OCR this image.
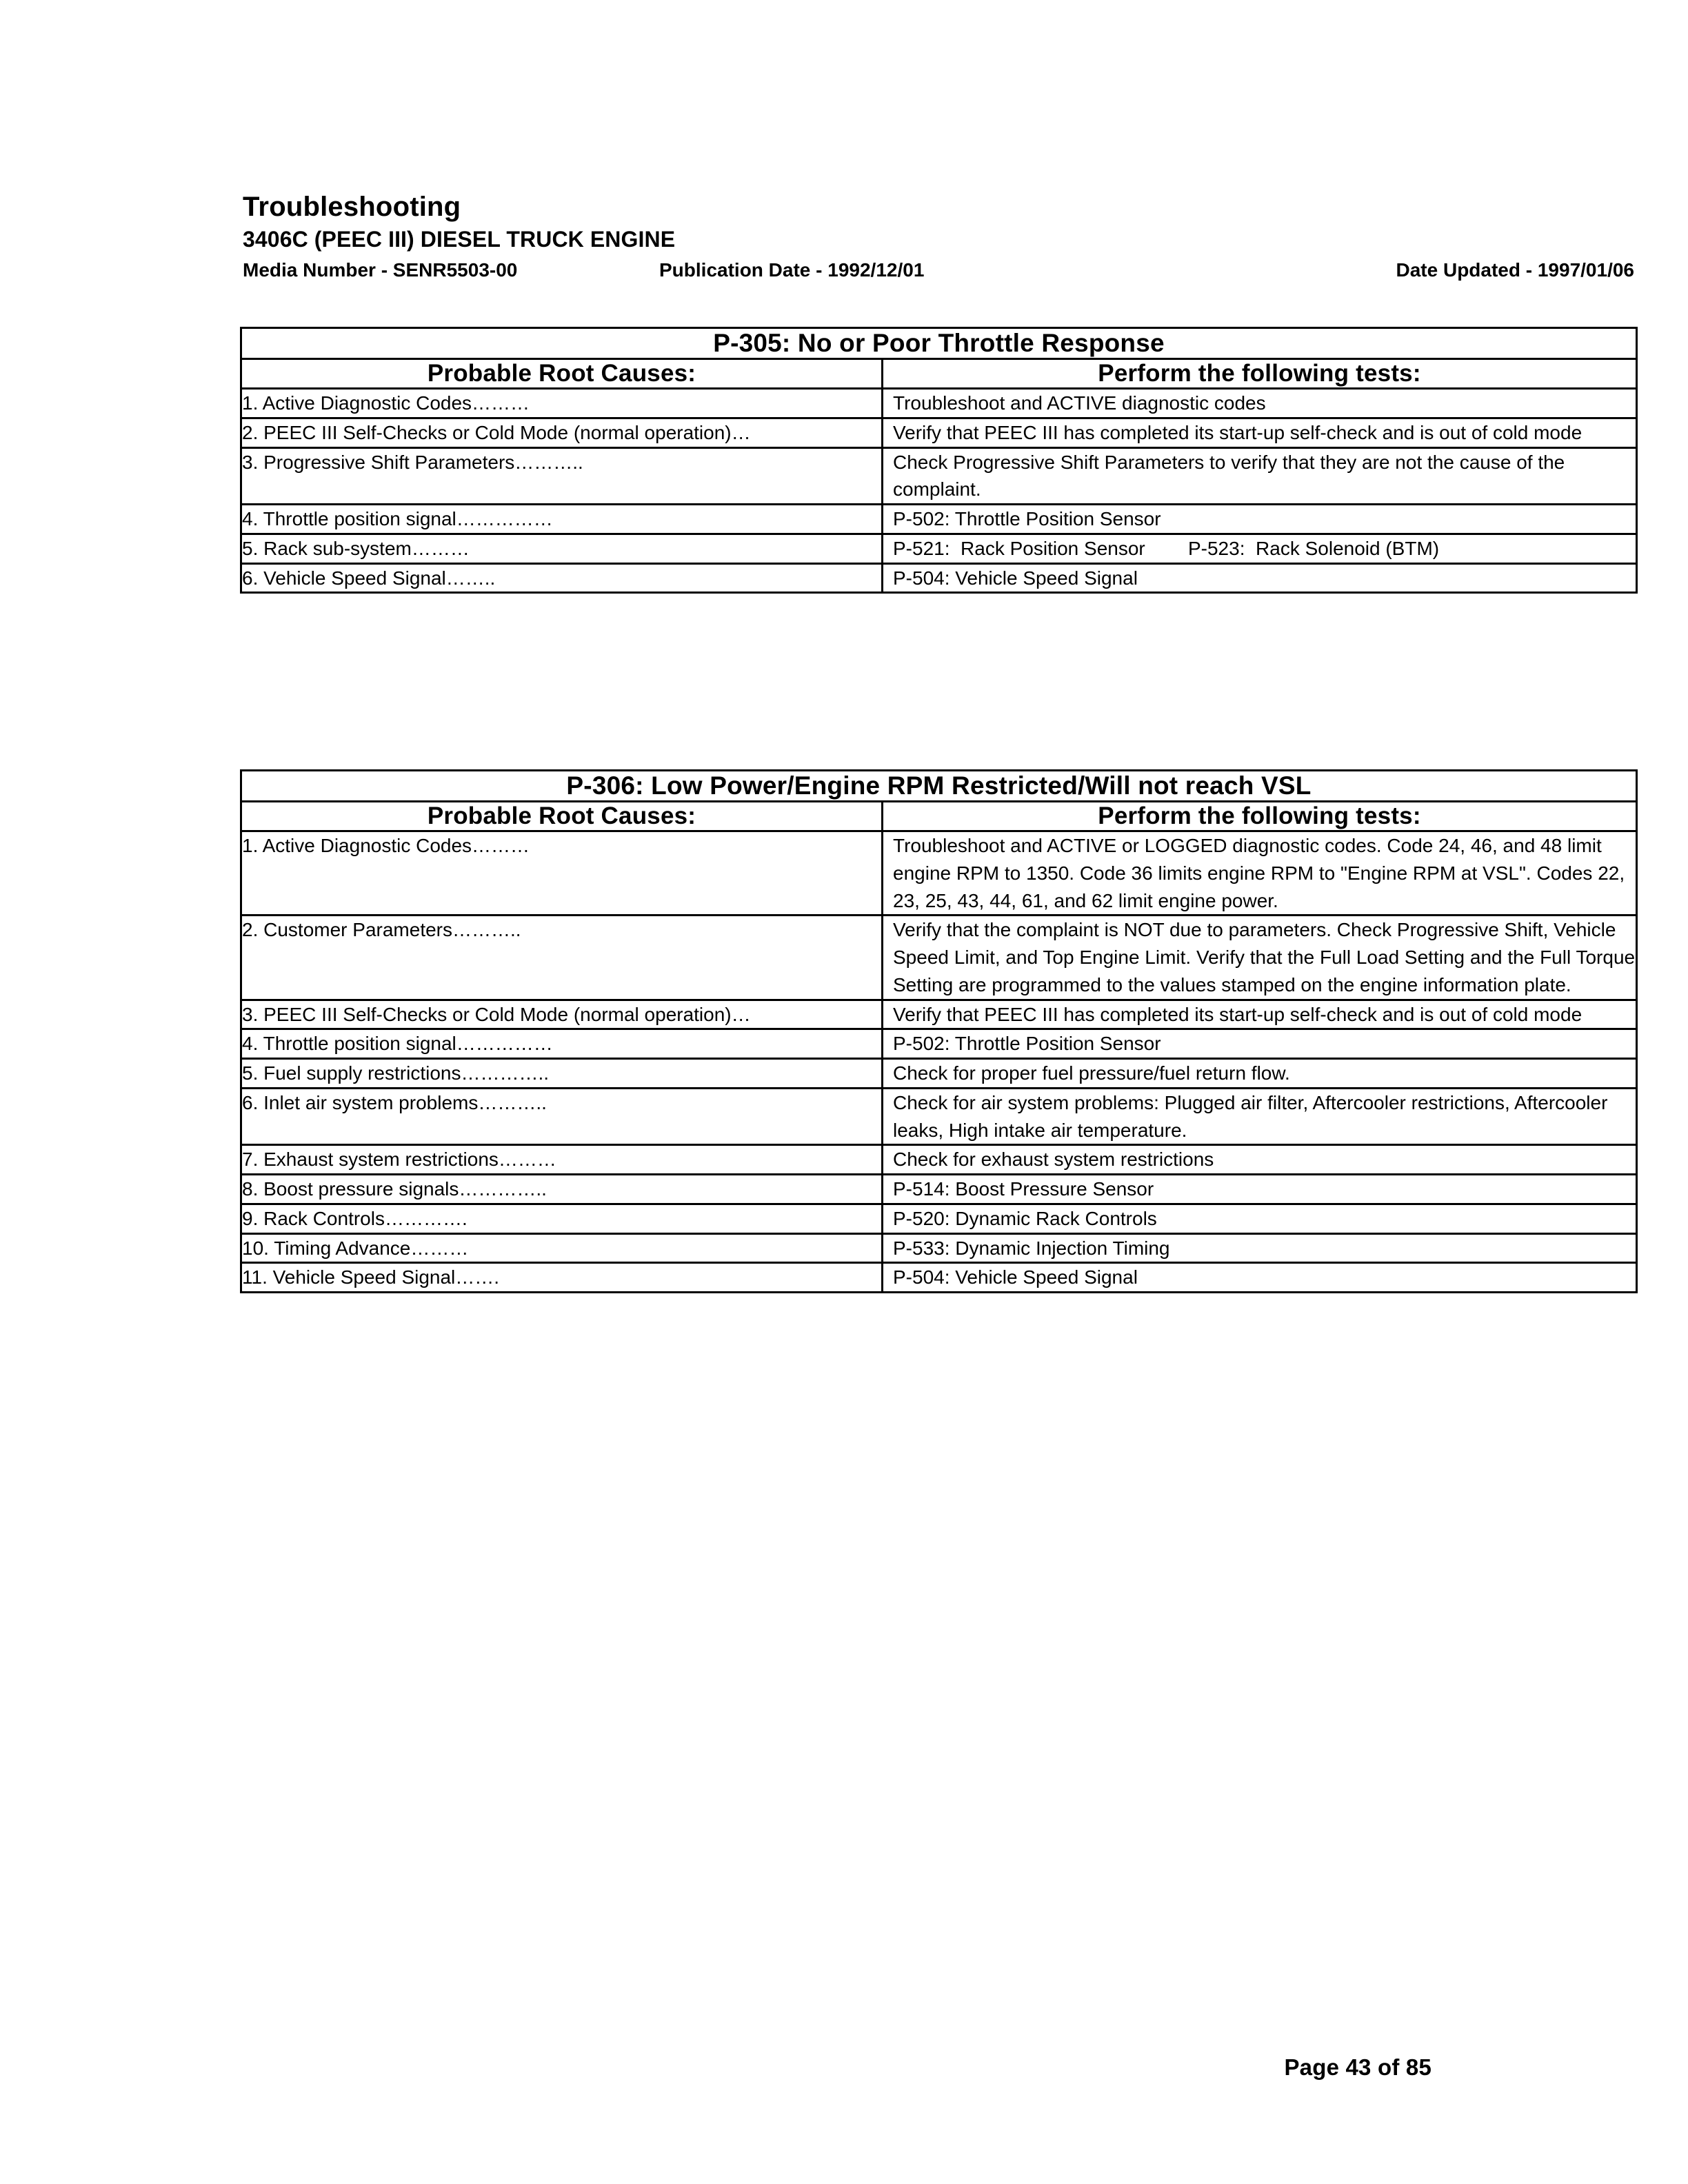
Troubleshooting
3406C (PEEC III) DIESEL TRUCK ENGINE
Media Number - SENR5503-00	Publication Date - 1992/12/01	Date Updated - 1997/01/06
P-305: No or Poor Throttle Response	
Probable Root Causes:	Perform the following tests:
1. Active Diagnostic Codes………	Troubleshoot and ACTIVE diagnostic codes
2. PEEC III Self-Checks or Cold Mode (normal operation)…	Verify that PEEC III has completed its start-up self-check and is out of cold mode
3. Progressive Shift Parameters………..	Check Progressive Shift Parameters to verify that they are not the cause of the complaint.
4. Throttle position signal……………	P-502: Throttle Position Sensor
5. Rack sub-system………	P-521:  Rack Position Sensor        P-523:  Rack Solenoid (BTM)
6. Vehicle Speed Signal……..	P-504: Vehicle Speed Signal
P-306: Low Power/Engine RPM Restricted/Will not reach VSL	
Probable Root Causes:	Perform the following tests:
1. Active Diagnostic Codes………	Troubleshoot and ACTIVE or LOGGED diagnostic codes. Code 24, 46, and 48 limit engine RPM to 1350. Code 36 limits engine RPM to "Engine RPM at VSL". Codes 22, 23, 25, 43, 44, 61, and 62 limit engine power.
2. Customer Parameters………..	Verify that the complaint is NOT due to parameters. Check Progressive Shift, Vehicle Speed Limit, and Top Engine Limit. Verify that the Full Load Setting and the Full Torque Setting are programmed to the values stamped on the engine information plate.
3. PEEC III Self-Checks or Cold Mode (normal operation)…	Verify that PEEC III has completed its start-up self-check and is out of cold mode
4. Throttle position signal……………	P-502: Throttle Position Sensor
5. Fuel supply restrictions…………..	Check for proper fuel pressure/fuel return flow.
6. Inlet air system problems………..	Check for air system problems: Plugged air filter, Aftercooler restrictions, Aftercooler leaks, High intake air temperature.
7. Exhaust system restrictions………	Check for exhaust system restrictions
8. Boost pressure signals…………..	P-514: Boost Pressure Sensor
9. Rack Controls………….	P-520: Dynamic Rack Controls
10. Timing Advance………	P-533: Dynamic Injection Timing
11. Vehicle Speed Signal…….	P-504: Vehicle Speed Signal
Page 43 of 85
